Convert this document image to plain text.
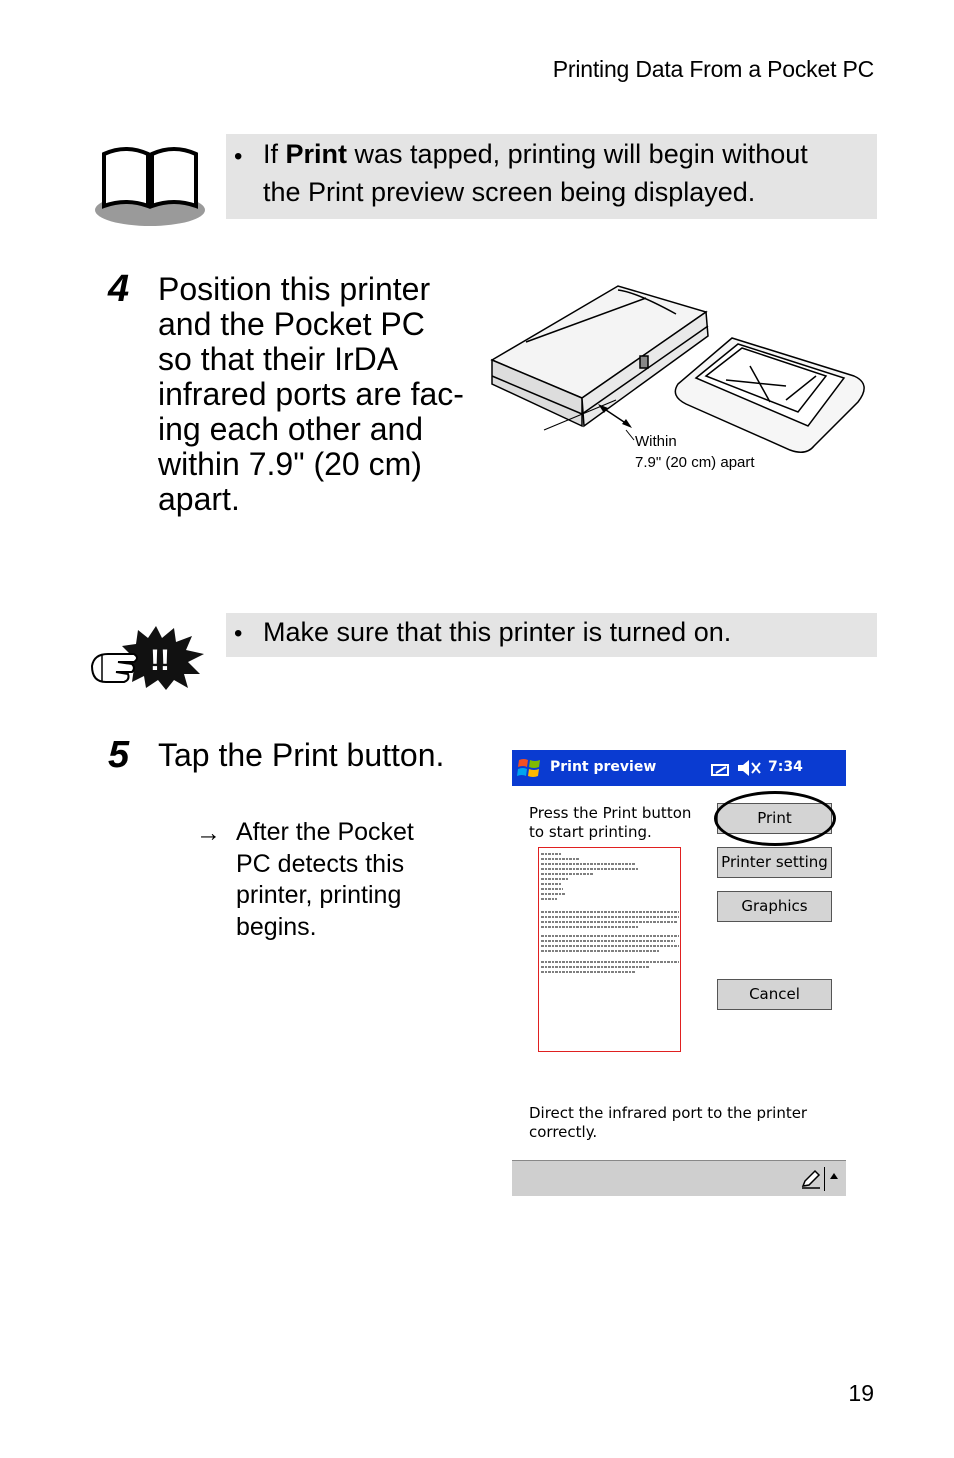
Printing Data From a Pocket PC
• If Print was tapped, printing will begin without
the Print preview screen being displayed.
4 Position this printer
and the Pocket PC
so that their IrDA
infrared ports are fac-
ing each other and
within 7.9" (20 cm)
apart.
Within
7.9" (20 cm) apart
!!
• Make sure that this printer is turned on.
5 Tap the Print button.
→ After the Pocket
PC detects this
printer, printing
begins.
Print preview	7:34
Press the Print button
to start printing.
Print
Printer setting
Graphics
Cancel
Direct the infrared port to the printer
correctly.
19
